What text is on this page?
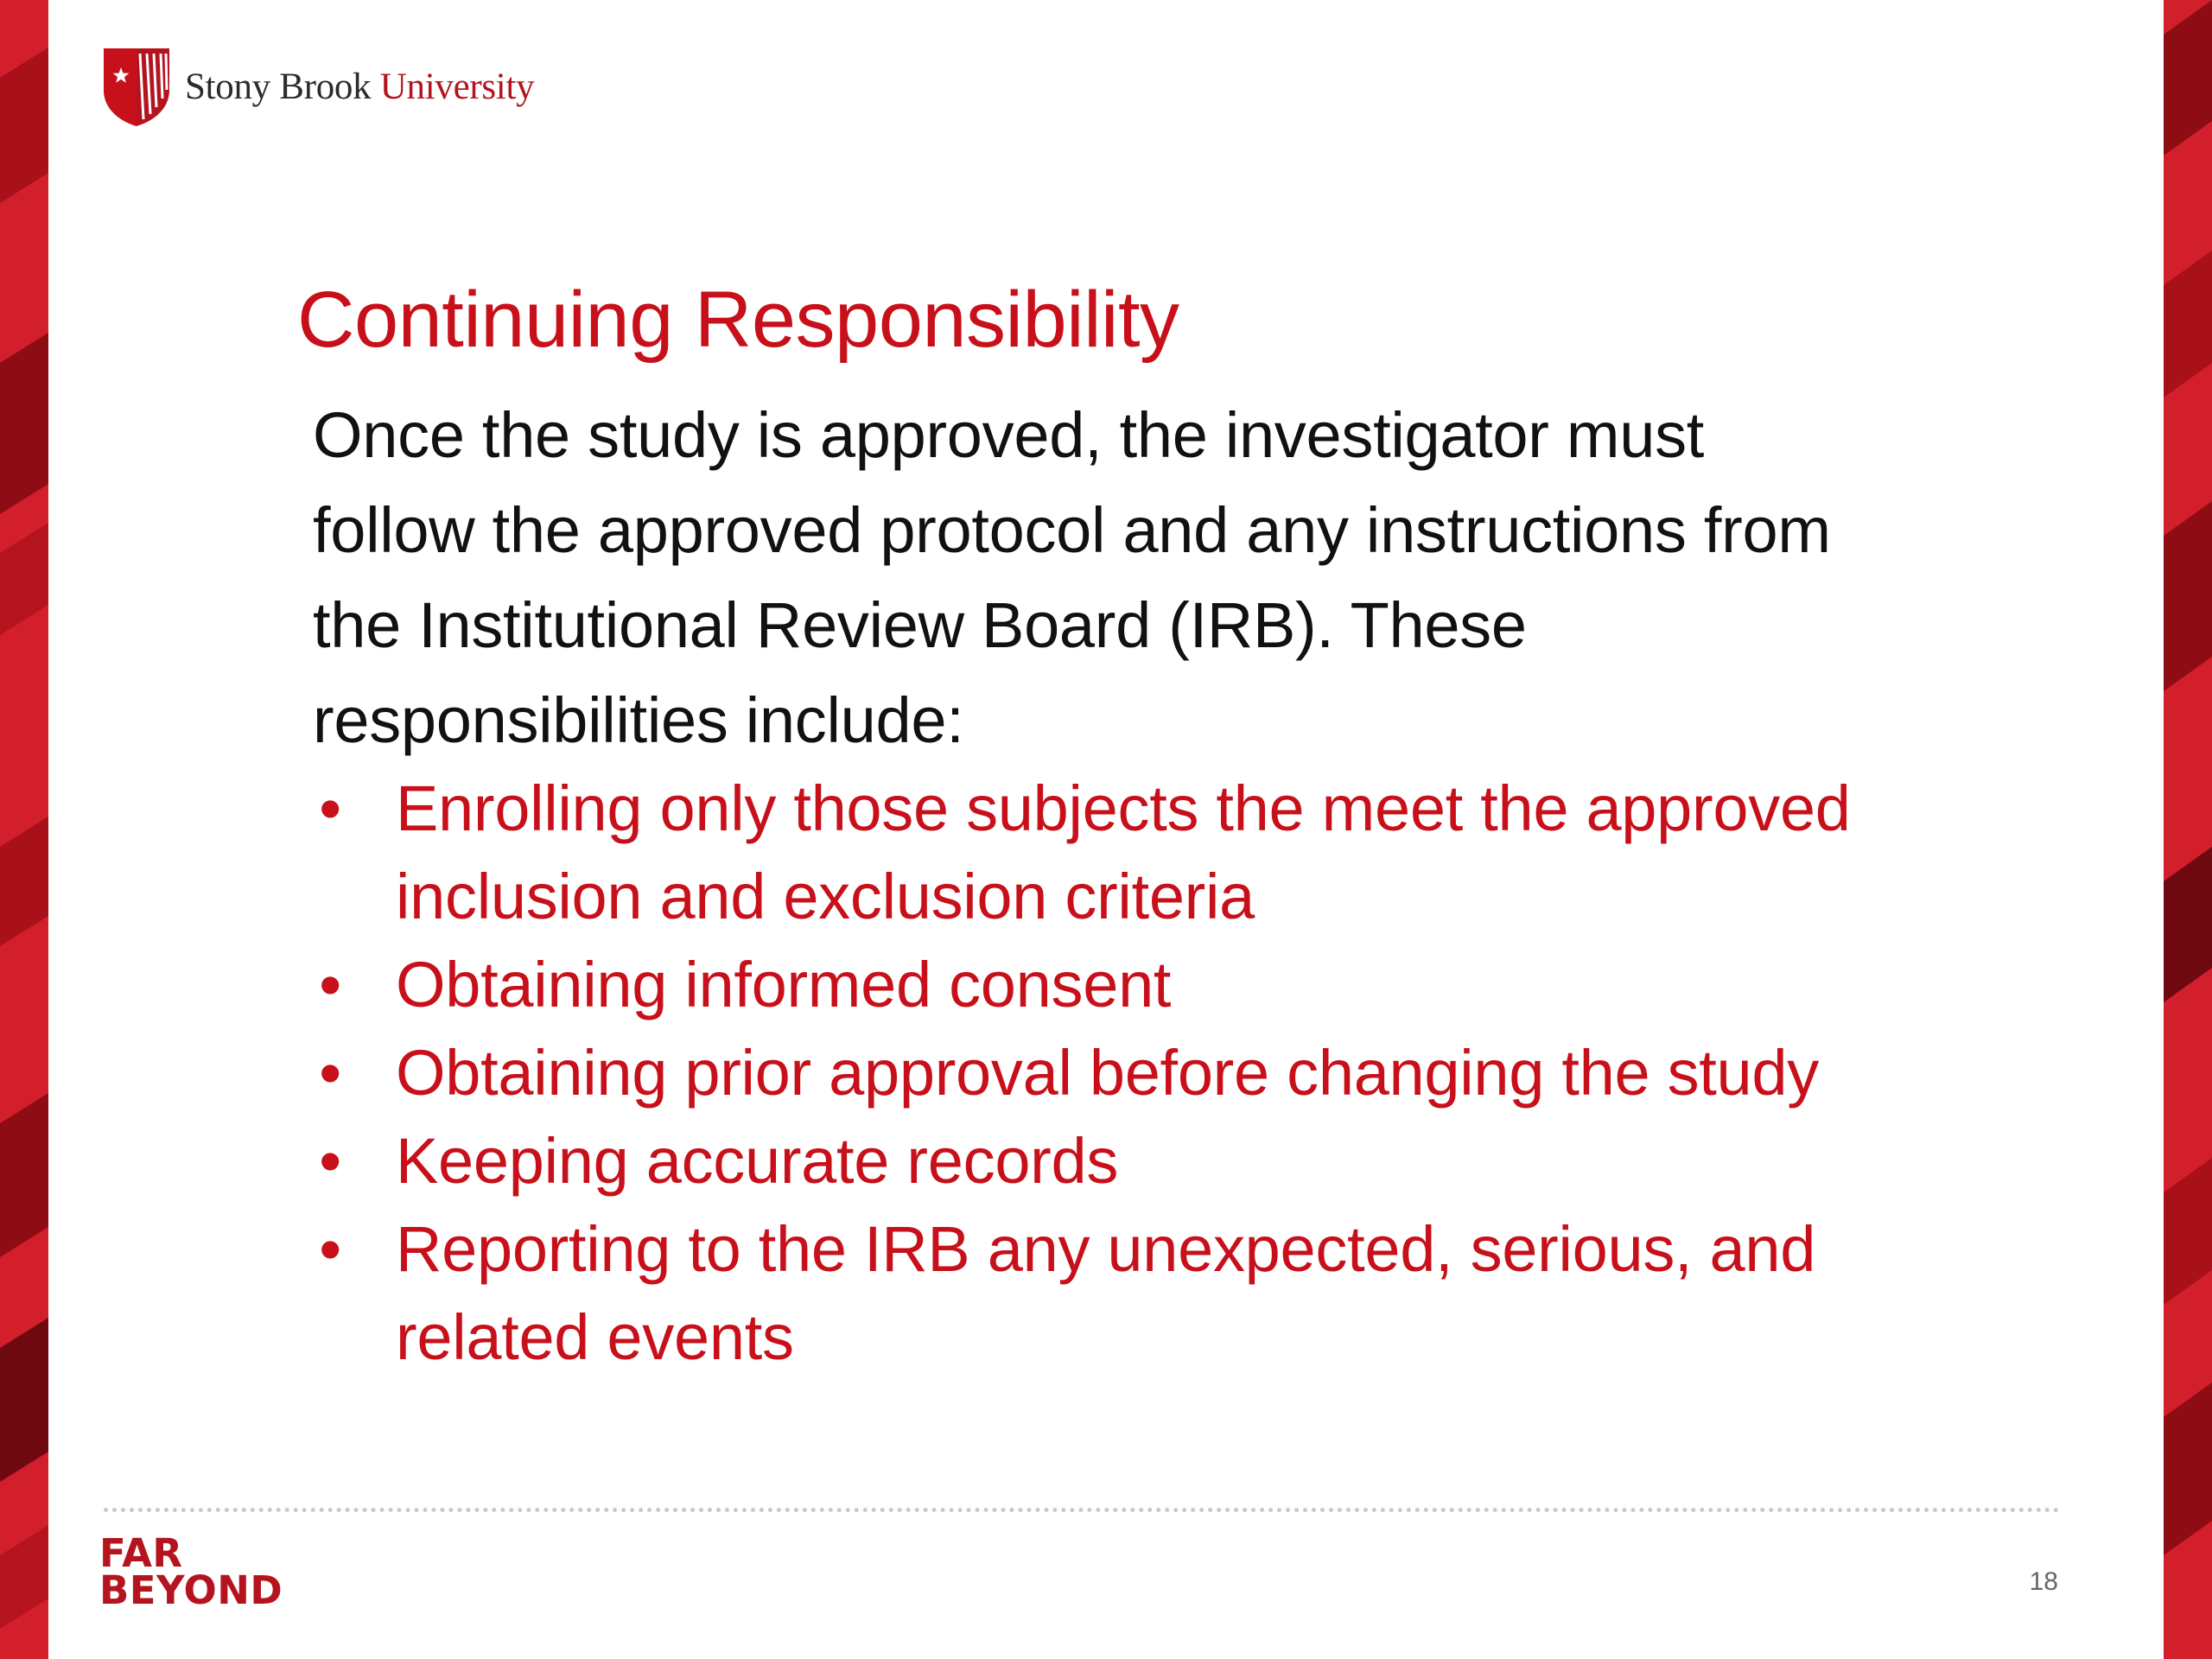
Stony Brook University
Continuing Responsibility
Once the study is approved, the investigator must follow the approved protocol and any instructions from the Institutional Review Board (IRB). These responsibilities include:
• Enrolling only those subjects the meet the approved inclusion and exclusion criteria
• Obtaining informed consent
• Obtaining prior approval before changing the study
• Keeping accurate records
• Reporting to the IRB any unexpected, serious, and related events
FAR
BEYOND	18
